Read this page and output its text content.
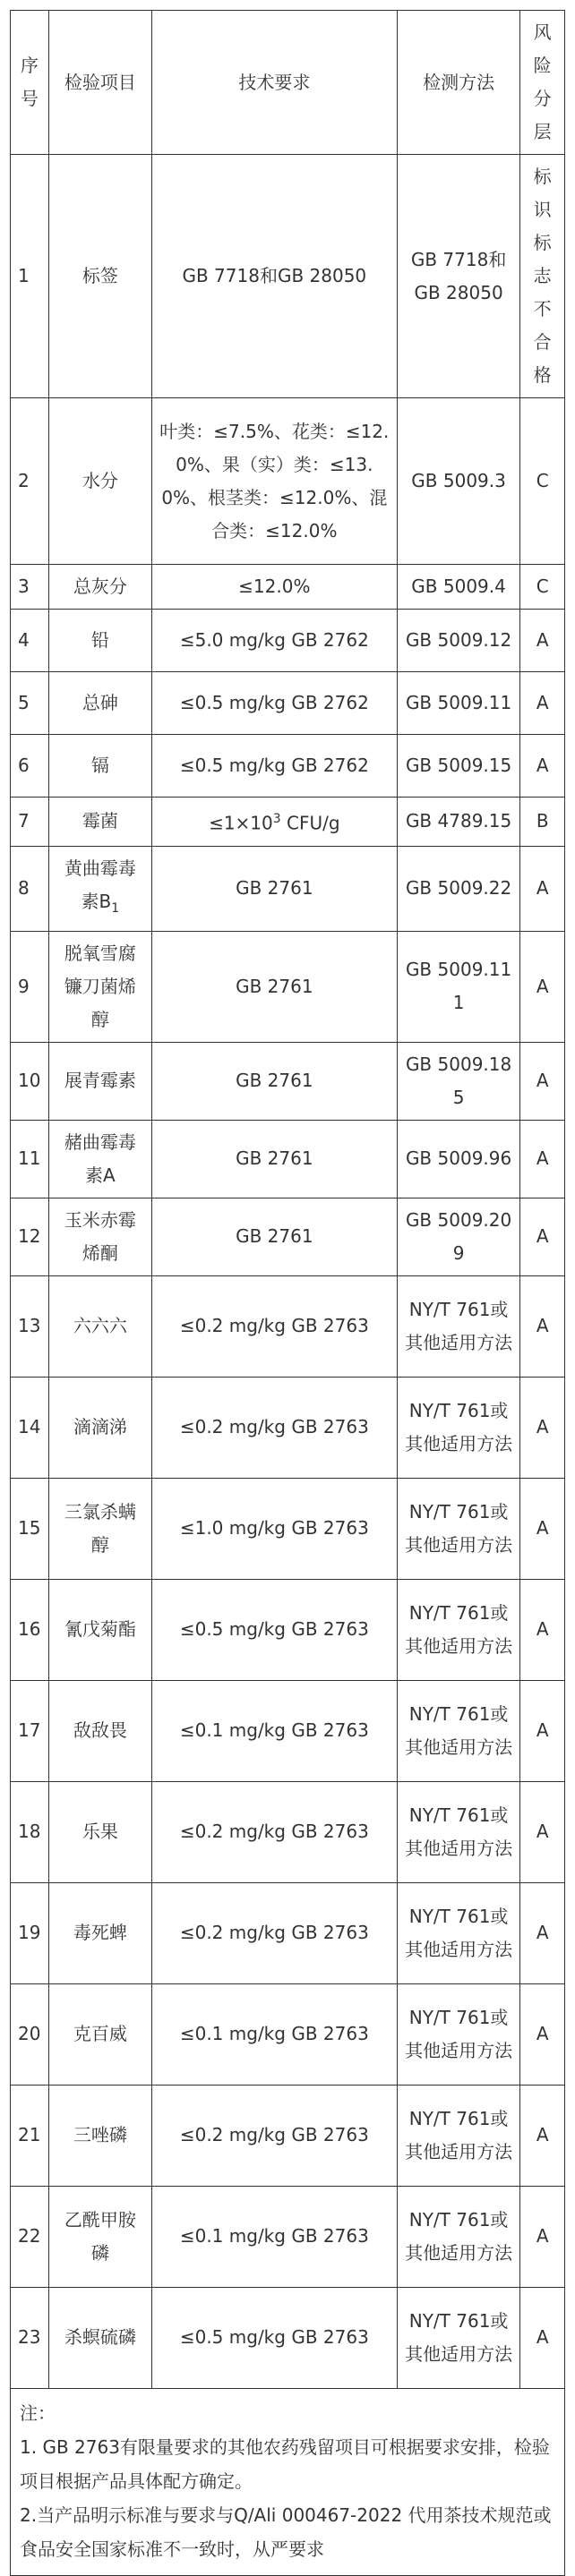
序号	检验项目	技术要求	检测方法	风险分层
1	标签	GB 7718和GB 28050	GB 7718和GB 28050	标识标志不合格
2	水分	叶类：≤7.5%、花类：≤12.0%、果（实）类：≤13.0%、根茎类：≤12.0%、混合类：≤12.0%	GB 5009.3	C
3	总灰分	≤12.0%	GB 5009.4	C
4	铅	≤5.0 mg/kg GB 2762	GB 5009.12	A
5	总砷	≤0.5 mg/kg GB 2762	GB 5009.11	A
6	镉	≤0.5 mg/kg GB 2762	GB 5009.15	A
7	霉菌	$\le 1\times 10^3$ CFU/g	GB 4789.15	B
8	黄曲霉毒素$B_1$	GB 2761	GB 5009.22	A
9	脱氧雪腐镰刀菌烯醇	GB 2761	GB 5009.111	A
10	展青霉素	GB 2761	GB 5009.185	A
11	赭曲霉毒素A	GB 2761	GB 5009.96	A
12	玉米赤霉烯酮	GB 2761	GB 5009.209	A
13	六六六	≤0.2 mg/kg GB 2763	NY/T 761或其他适用方法	A
14	滴滴涕	≤0.2 mg/kg GB 2763	NY/T 761或其他适用方法	A
15	三氯杀螨醇	≤1.0 mg/kg GB 2763	NY/T 761或其他适用方法	A
16	氰戊菊酯	≤0.5 mg/kg GB 2763	NY/T 761或其他适用方法	A
17	敌敌畏	≤0.1 mg/kg GB 2763	NY/T 761或其他适用方法	A
18	乐果	≤0.2 mg/kg GB 2763	NY/T 761或其他适用方法	A
19	毒死蜱	≤0.2 mg/kg GB 2763	NY/T 761或其他适用方法	A
20	克百威	≤0.1 mg/kg GB 2763	NY/T 761或其他适用方法	A
21	三唑磷	≤0.2 mg/kg GB 2763	NY/T 761或其他适用方法	A
22	乙酰甲胺磷	≤0.1 mg/kg GB 2763	NY/T 761或其他适用方法	A
23	杀螟硫磷	≤0.5 mg/kg GB 2763	NY/T 761或其他适用方法	A

注：
1. GB 2763有限量要求的其他农药残留项目可根据要求安排，检验项目根据产品具体配方确定。
2.当产品明示标准与要求与Q/Ali 000467-2022 代用茶技术规范或食品安全国家标准不一致时，从严要求				
